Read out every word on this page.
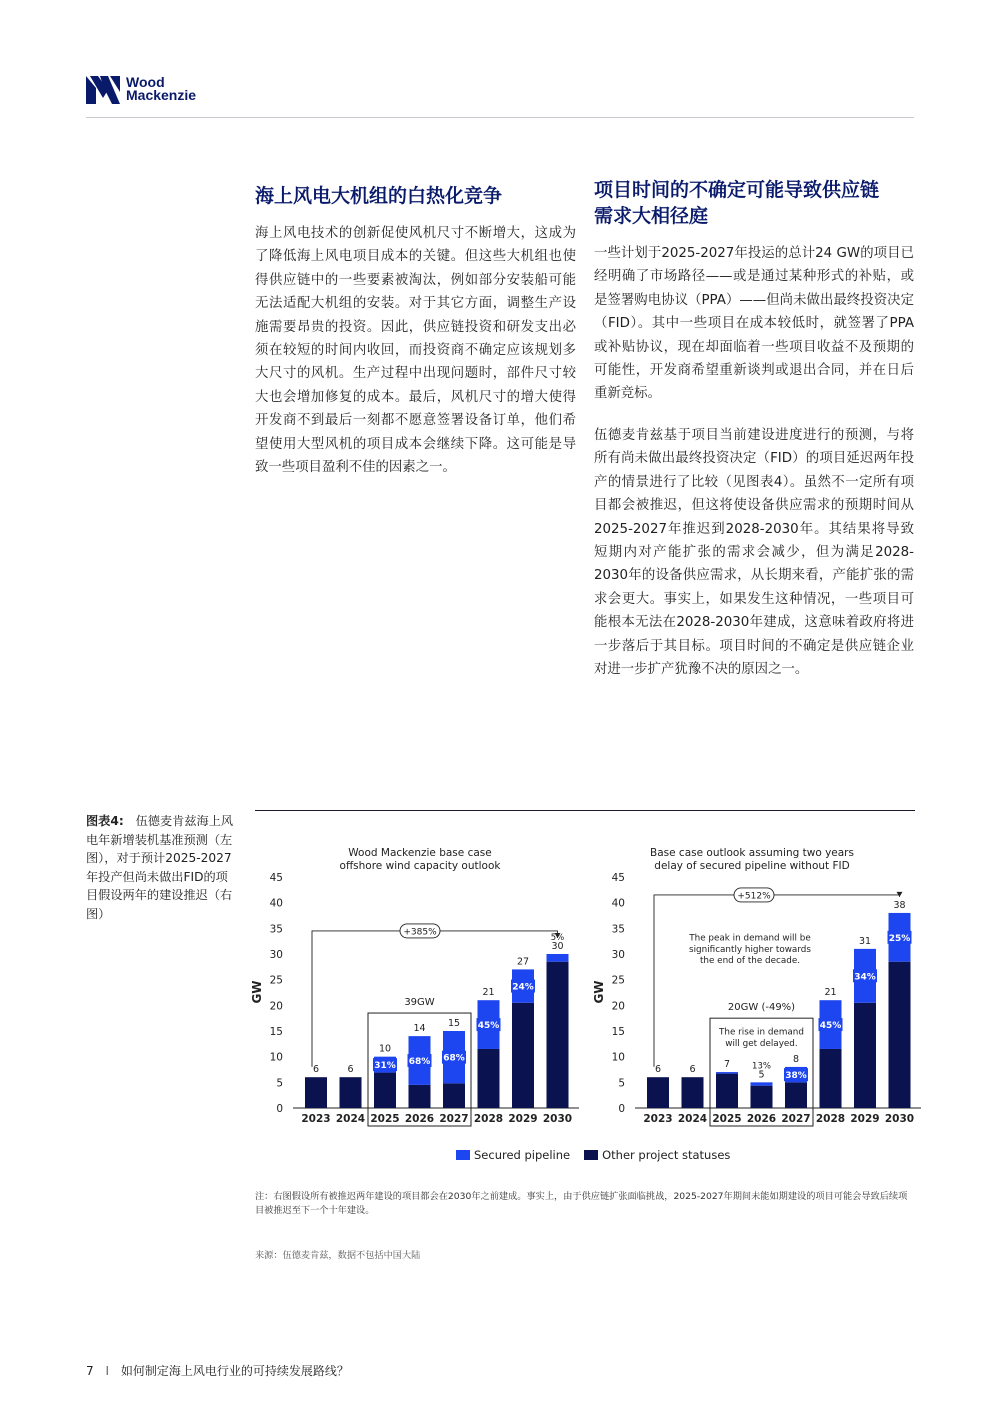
Wood
Mackenzie
海上风电大机组的白热化竞争

海上风电技术的创新促使风机尺寸不断增大，这成为了降低海上风电项目成本的关键。但这些大机组也使得供应链中的一些要素被淘汰，例如部分安装船可能无法适配大机组的安装。对于其它方面，调整生产设施需要昂贵的投资。因此，供应链投资和研发支出必须在较短的时间内收回，而投资商不确定应该规划多大尺寸的风机。生产过程中出现问题时，部件尺寸较大也会增加修复的成本。最后，风机尺寸的增大使得开发商不到最后一刻都不愿意签署设备订单，他们希望使用大型风机的项目成本会继续下降。这可能是导致一些项目盈利不佳的因素之一。

项目时间的不确定可能导致供应链
需求大相径庭

一些计划于2025-2027年投运的总计24 GW的项目已经明确了市场路径——或是通过某种形式的补贴，或是签署购电协议（PPA）——但尚未做出最终投资决定（FID）。其中一些项目在成本较低时，就签署了PPA或补贴协议，现在却面临着一些项目收益不及预期的可能性，开发商希望重新谈判或退出合同，并在日后重新竞标。

伍德麦肯兹基于项目当前建设进度进行的预测，与将所有尚未做出最终投资决定（FID）的项目延迟两年投产的情景进行了比较（见图表4）。虽然不一定所有项目都会被推迟，但这将使设备供应需求的预期时间从2025-2027年推迟到2028-2030年。其结果将导致短期内对产能扩张的需求会减少，但为满足2028-2030年的设备供应需求，从长期来看，产能扩张的需求会更大。事实上，如果发生这种情况，一些项目可能根本无法在2028-2030年建成，这意味着政府将进一步落后于其目标。项目时间的不确定是供应链企业对进一步扩产犹豫不决的原因之一。

图表4: 伍德麦肯兹海上风电年新增装机基准预测（左图），对于预计2025-2027年投产但尚未做出FID的项目假设两年的建设推迟（右图）
Wood Mackenzie base case
offshore wind capacity outlook
GW
0
5
10
15
20
25
30
35
40
45
39GW
+385%
6
2023
6
2024
10
31%
2025
14
68%
2026
15
68%
2027
21
45%
2028
27
24%
2029
30
5%
2030
Base case outlook assuming two years
delay of secured pipeline without FID
GW
0
5
10
15
20
25
30
35
40
45
20GW (-49%)
+512%
6
2023
6
2024
7
2025
5
13%
2026
8
38%
2027
21
45%
2028
31
34%
2029
38
25%
2030
The peak in demand will be
significantly higher towards
the end of the decade.
The rise in demand
will get delayed.
Secured pipeline	Other project statuses
注：右图假设所有被推迟两年建设的项目都会在2030年之前建成。事实上，由于供应链扩张面临挑战，2025-2027年期间未能如期建设的项目可能会导致后续项目被推迟至下一个十年建设。
来源：伍德麦肯兹，数据不包括中国大陆
7 I 如何制定海上风电行业的可持续发展路线？
